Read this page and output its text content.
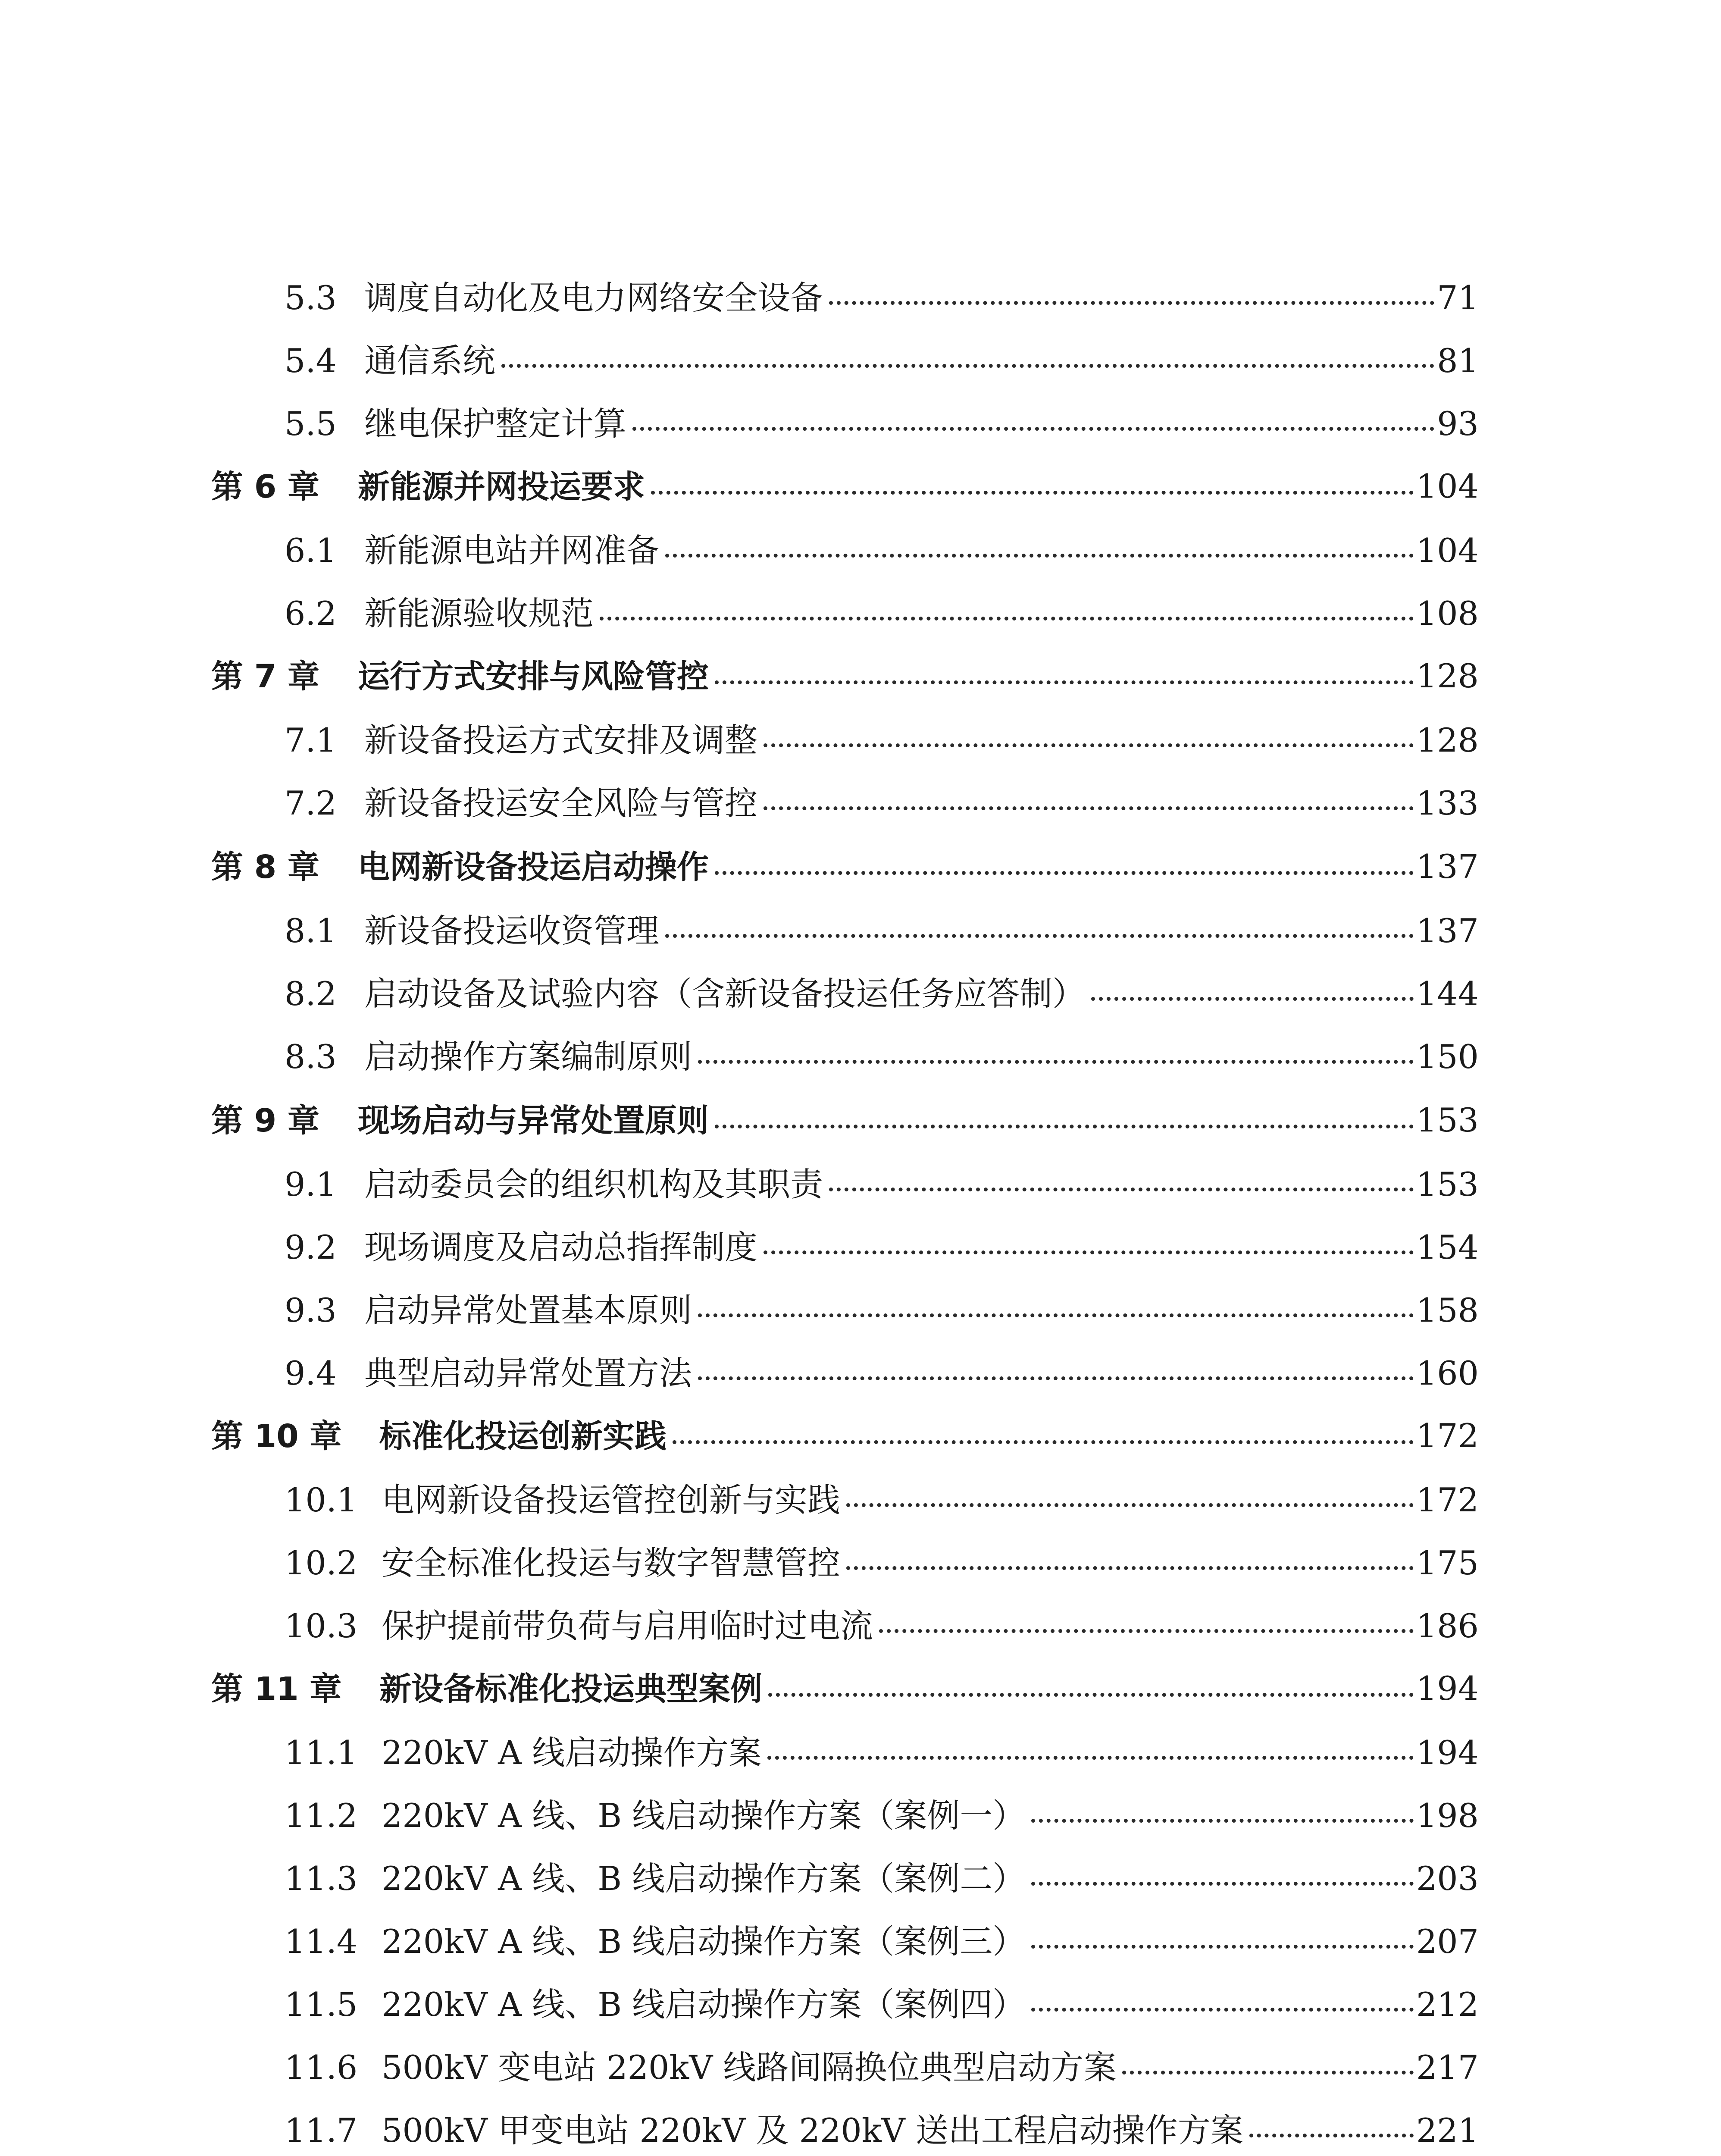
5.3 调度自动化及电力网络安全设备	71
5.4 通信系统	81
5.5 继电保护整定计算	93
第 6 章	新能源并网投运要求	104
6.1 新能源电站并网准备	104
6.2 新能源验收规范	108
第 7 章	运行方式安排与风险管控	128
7.1 新设备投运方式安排及调整	128
7.2 新设备投运安全风险与管控	133
第 8 章	电网新设备投运启动操作	137
8.1 新设备投运收资管理	137
8.2 启动设备及试验内容（含新设备投运任务应答制）	144
8.3 启动操作方案编制原则	150
第 9 章	现场启动与异常处置原则	153
9.1 启动委员会的组织机构及其职责	153
9.2 现场调度及启动总指挥制度	154
9.3 启动异常处置基本原则	158
9.4 典型启动异常处置方法	160
第 10 章	标准化投运创新实践	172
10.1 电网新设备投运管控创新与实践	172
10.2 安全标准化投运与数字智慧管控	175
10.3 保护提前带负荷与启用临时过电流	186
第 11 章	新设备标准化投运典型案例	194
11.1 220kV A 线启动操作方案	194
11.2 220kV A 线、B 线启动操作方案（案例一）	198
11.3 220kV A 线、B 线启动操作方案（案例二）	203
11.4 220kV A 线、B 线启动操作方案（案例三）	207
11.5 220kV A 线、B 线启动操作方案（案例四）	212
11.6 500kV 变电站 220kV 线路间隔换位典型启动方案	217
11.7 500kV 甲变电站 220kV 及 220kV 送出工程启动操作方案	221
